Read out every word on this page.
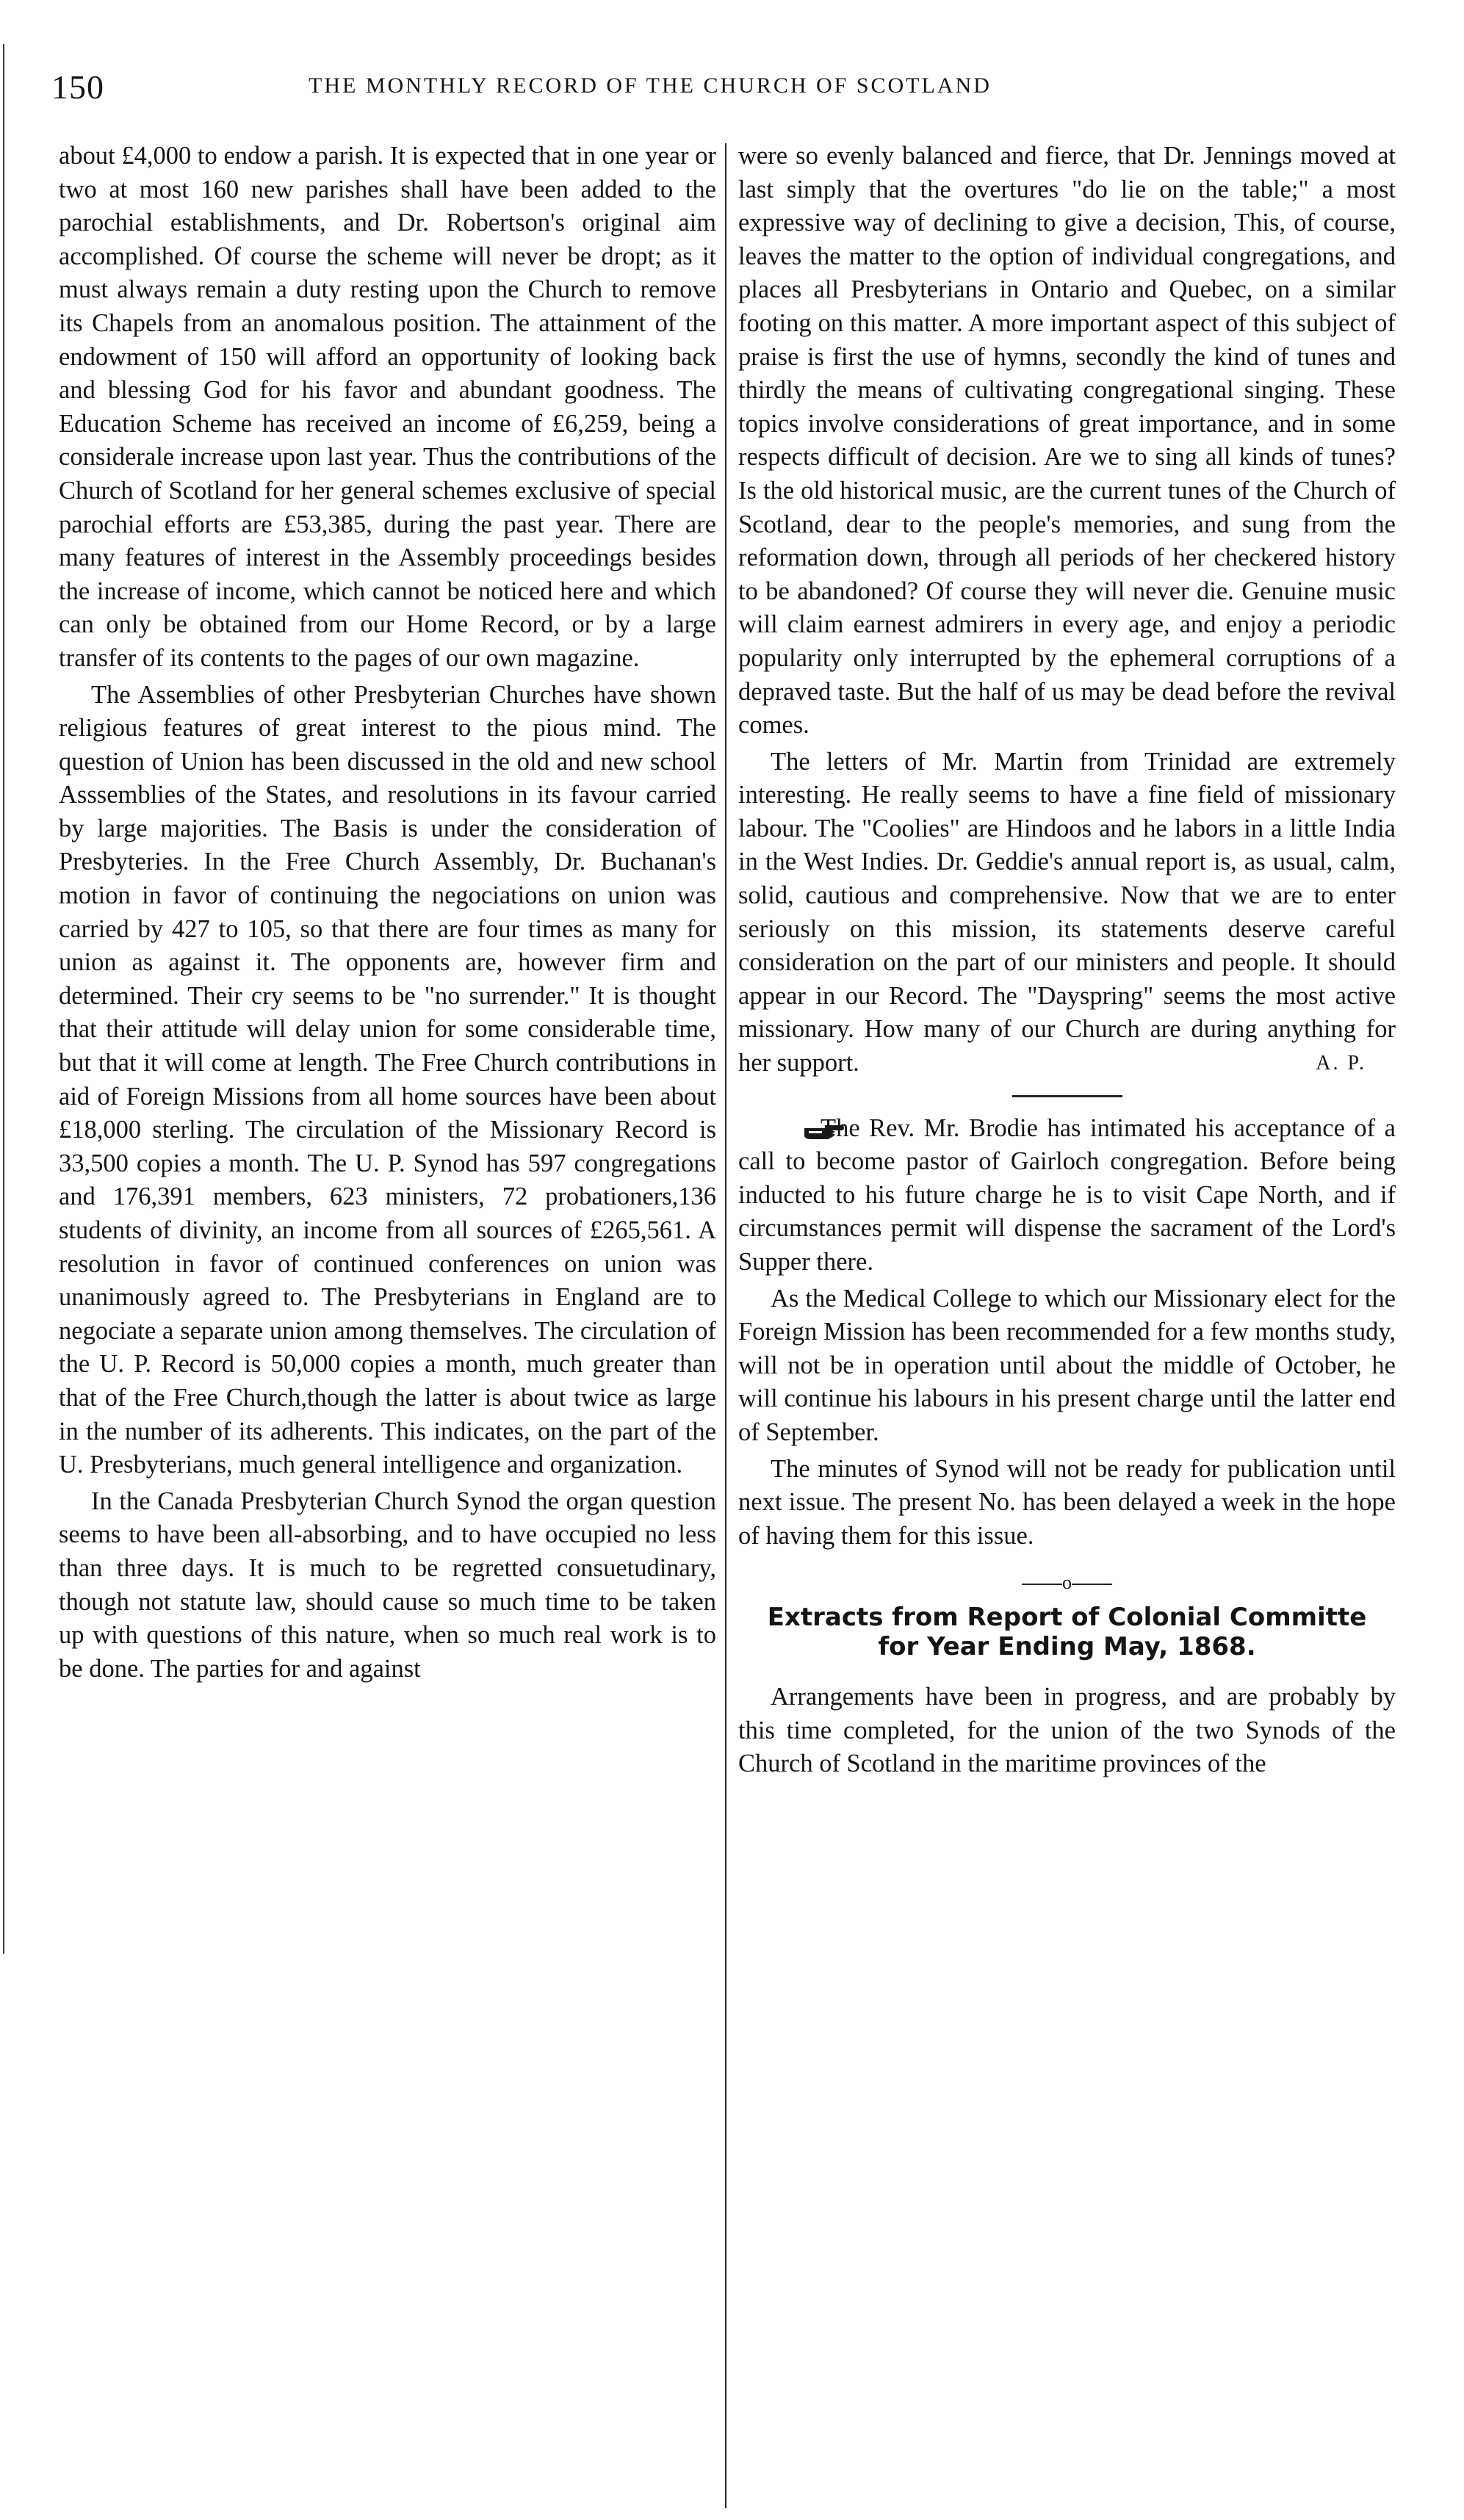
150	THE MONTHLY RECORD OF THE CHURCH OF SCOTLAND

about £4,000 to endow a parish. It is expected that in one year or two at most 160 new parishes shall have been added to the parochial establishments, and Dr. Robertson's original aim accomplished. Of course the scheme will never be dropt; as it must always remain a duty resting upon the Church to remove its Chapels from an anomalous position. The attainment of the endowment of 150 will afford an opportunity of looking back and blessing God for his favor and abundant goodness. The Education Scheme has received an income of £6,259, being a considerale increase upon last year. Thus the contributions of the Church of Scotland for her general schemes exclusive of special parochial efforts are £53,385, during the past year. There are many features of interest in the Assembly proceedings besides the increase of income, which cannot be noticed here and which can only be obtained from our Home Record, or by a large transfer of its contents to the pages of our own magazine.

The Assemblies of other Presbyterian Churches have shown religious features of great interest to the pious mind. The question of Union has been discussed in the old and new school Asssemblies of the States, and resolutions in its favour carried by large majorities. The Basis is under the consideration of Presbyteries. In the Free Church Assembly, Dr. Buchanan's motion in favor of continuing the negociations on union was carried by 427 to 105, so that there are four times as many for union as against it. The opponents are, however firm and determined. Their cry seems to be "no surrender." It is thought that their attitude will delay union for some considerable time, but that it will come at length. The Free Church contributions in aid of Foreign Missions from all home sources have been about £18,000 sterling. The circulation of the Missionary Record is 33,500 copies a month. The U. P. Synod has 597 congregations and 176,391 members, 623 ministers, 72 probationers,136 students of divinity, an income from all sources of £265,561. A resolution in favor of continued conferences on union was unanimously agreed to. The Presbyterians in England are to negociate a separate union among themselves. The circulation of the U. P. Record is 50,000 copies a month, much greater than that of the Free Church,though the latter is about twice as large in the number of its adherents. This indicates, on the part of the U. Presbyterians, much general intelligence and organization.

In the Canada Presbyterian Church Synod the organ question seems to have been all-absorbing, and to have occupied no less than three days. It is much to be regretted consuetudinary, though not statute law, should cause so much time to be taken up with questions of this nature, when so much real work is to be done. The parties for and against

were so evenly balanced and fierce, that Dr. Jennings moved at last simply that the overtures "do lie on the table;" a most expressive way of declining to give a decision, This, of course, leaves the matter to the option of individual congregations, and places all Presbyterians in Ontario and Quebec, on a similar footing on this matter. A more important aspect of this subject of praise is first the use of hymns, secondly the kind of tunes and thirdly the means of cultivating congregational singing. These topics involve considerations of great importance, and in some respects difficult of decision. Are we to sing all kinds of tunes? Is the old historical music, are the current tunes of the Church of Scotland, dear to the people's memories, and sung from the reformation down, through all periods of her checkered history to be abandoned? Of course they will never die. Genuine music will claim earnest admirers in every age, and enjoy a periodic popularity only interrupted by the ephemeral corruptions of a depraved taste. But the half of us may be dead before the revival comes.

The letters of Mr. Martin from Trinidad are extremely interesting. He really seems to have a fine field of missionary labour. The "Coolies" are Hindoos and he labors in a little India in the West Indies. Dr. Geddie's annual report is, as usual, calm, solid, cautious and comprehensive. Now that we are to enter seriously on this mission, its statements deserve careful consideration on the part of our ministers and people. It should appear in our Record. The "Dayspring" seems the most active missionary. How many of our Church are during anything for her support.	A. P.

The Rev. Mr. Brodie has intimated his acceptance of a call to become pastor of Gairloch congregation. Before being inducted to his future charge he is to visit Cape North, and if circumstances permit will dispense the sacrament of the Lord's Supper there.

As the Medical College to which our Missionary elect for the Foreign Mission has been recommended for a few months study, will not be in operation until about the middle of October, he will continue his labours in his present charge until the latter end of September.

The minutes of Synod will not be ready for publication until next issue. The present No. has been delayed a week in the hope of having them for this issue.

o
Extracts from Report of Colonial Committe
for Year Ending May, 1868.

Arrangements have been in progress, and are probably by this time completed, for the union of the two Synods of the Church of Scotland in the maritime provinces of the
